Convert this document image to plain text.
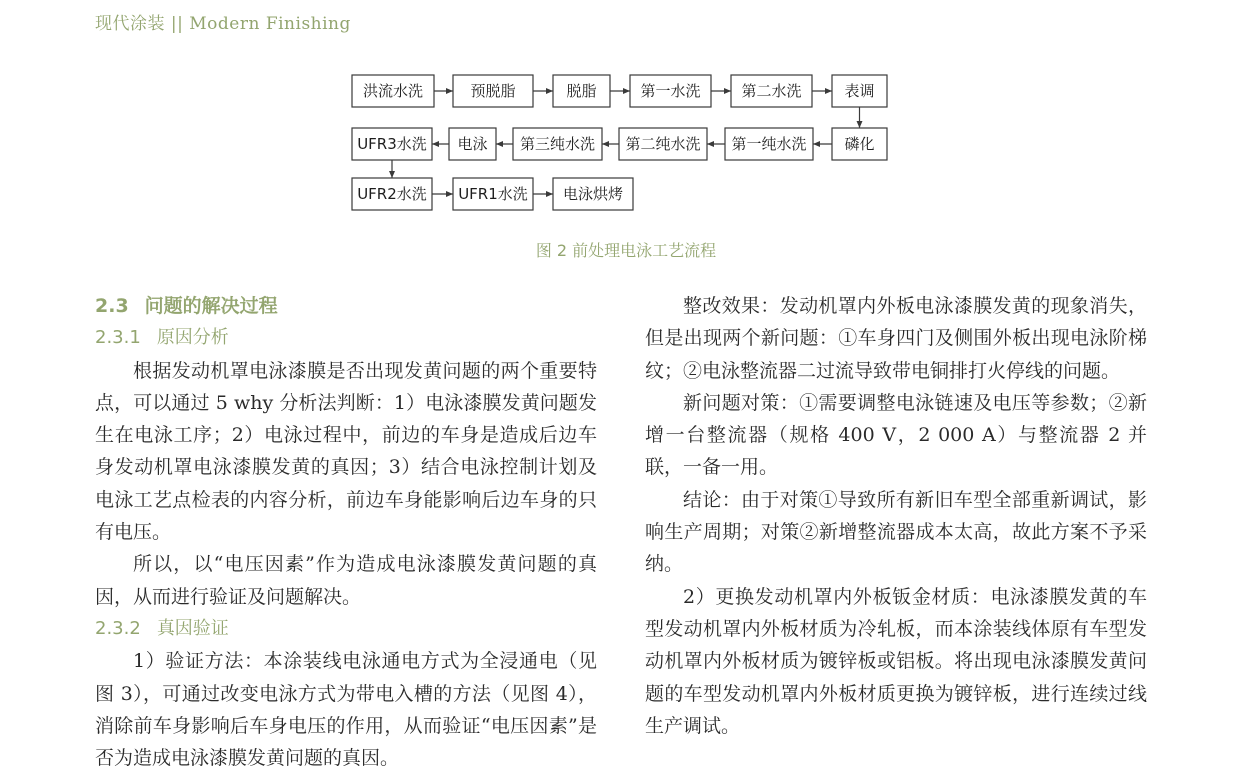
现代涂装 || Modern Finishing
洪流水洗	预脱脂	脱脂	第一水洗	第二水洗	表调
磷化
第一纯水洗
第二纯水洗
第三纯水洗
电泳
UFR3水洗
UFR2水洗 UFR1水洗 电泳烘烤
图 2 前处理电泳工艺流程
2.3 问题的解决过程
2.3.1 原因分析

根据发动机罩电泳漆膜是否出现发黄问题的两个重要特点，可以通过 5 why 分析法判断：1）电泳漆膜发黄问题发生在电泳工序；2）电泳过程中，前边的车身是造成后边车身发动机罩电泳漆膜发黄的真因；3）结合电泳控制计划及电泳工艺点检表的内容分析，前边车身能影响后边车身的只有电压。

所以，以“电压因素”作为造成电泳漆膜发黄问题的真因，从而进行验证及问题解决。

2.3.2 真因验证

1）验证方法：本涂装线电泳通电方式为全浸通电（见图 3），可通过改变电泳方式为带电入槽的方法（见图 4），消除前车身影响后车身电压的作用，从而验证“电压因素”是否为造成电泳漆膜发黄问题的真因。

整改效果：发动机罩内外板电泳漆膜发黄的现象消失，但是出现两个新问题：①车身四门及侧围外板出现电泳阶梯纹；②电泳整流器二过流导致带电铜排打火停线的问题。

新问题对策：①需要调整电泳链速及电压等参数；②新增一台整流器（规格 400 V，2 000 A）与整流器 2 并联，一备一用。

结论：由于对策①导致所有新旧车型全部重新调试，影响生产周期；对策②新增整流器成本太高，故此方案不予采纳。

2）更换发动机罩内外板钣金材质：电泳漆膜发黄的车型发动机罩内外板材质为冷轧板，而本涂装线体原有车型发动机罩内外板材质为镀锌板或铝板。将出现电泳漆膜发黄问题的车型发动机罩内外板材质更换为镀锌板，进行连续过线生产调试。
